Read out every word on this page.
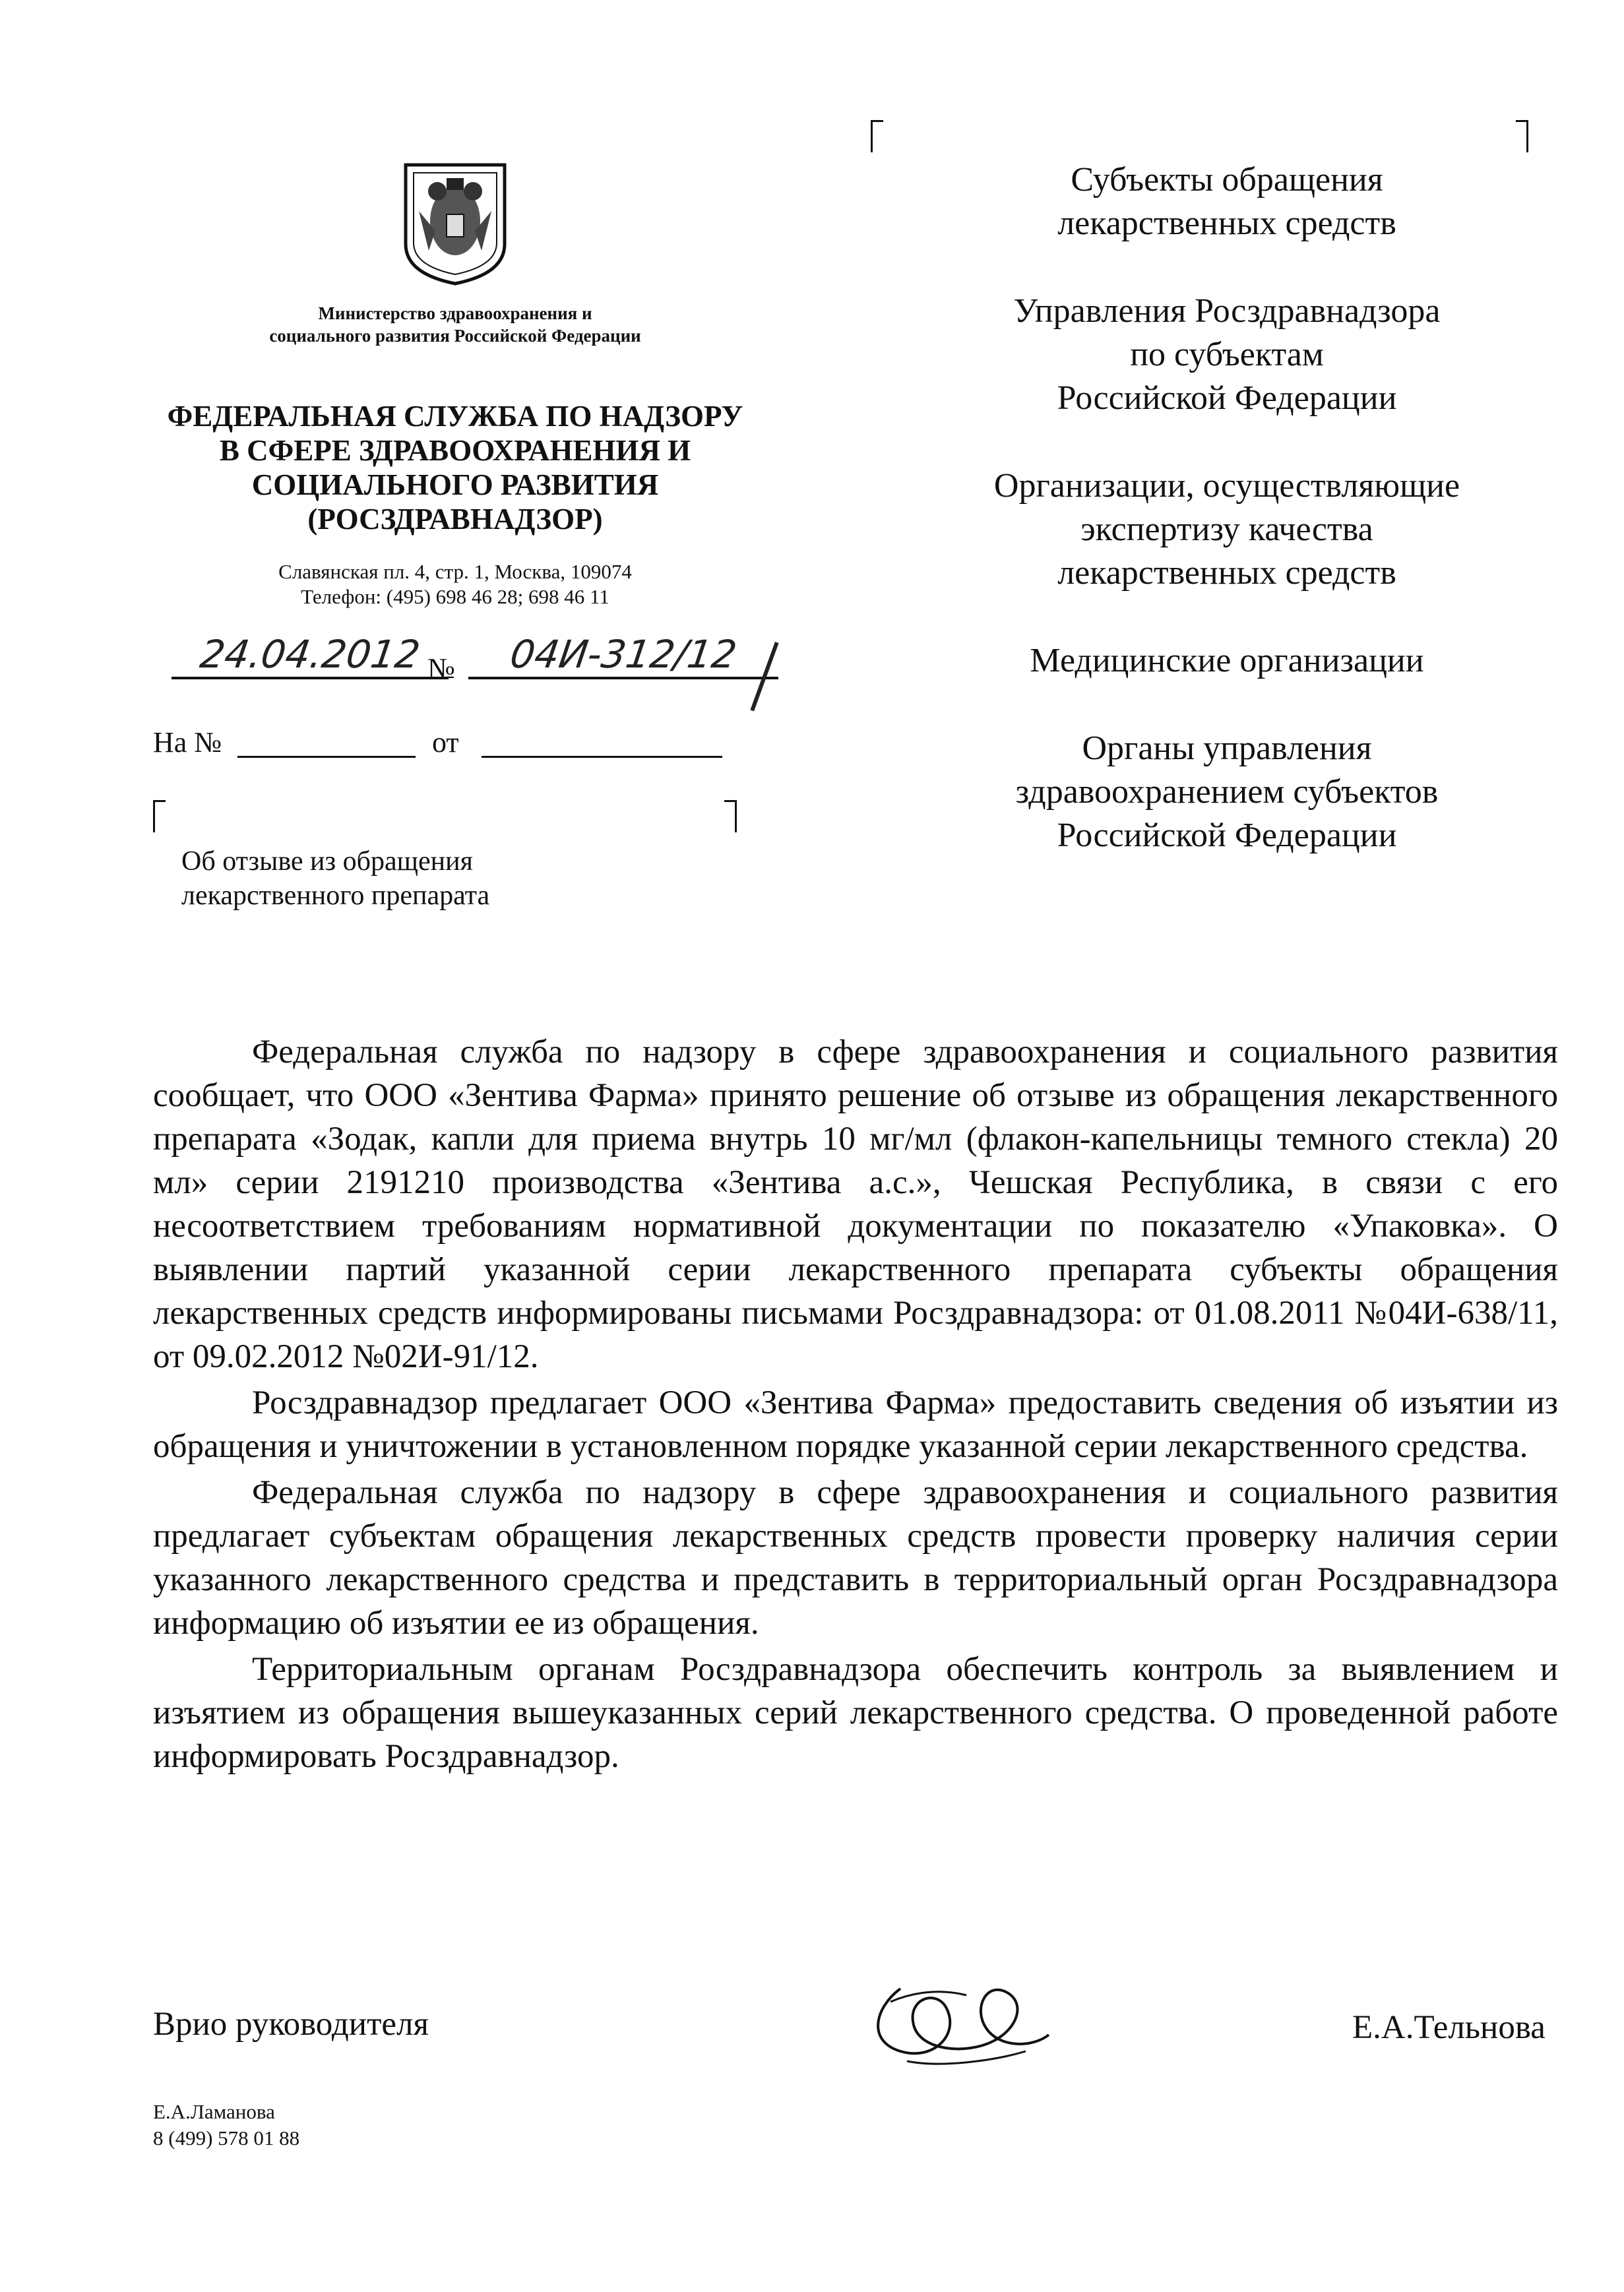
Министерство здравоохранения и
социального развития Российской Федерации
ФЕДЕРАЛЬНАЯ СЛУЖБА ПО НАДЗОРУ
В СФЕРЕ ЗДРАВООХРАНЕНИЯ И
СОЦИАЛЬНОГО РАЗВИТИЯ
(РОСЗДРАВНАДЗОР)
Славянская пл. 4, стр. 1, Москва, 109074
Телефон: (495) 698 46 28; 698 46 11
24.04.2012 №	04И-312/12
На №	от
Об отзыве из обращения
лекарственного препарата

Субъекты обращения
лекарственных средств

Управления Росздравнадзора
по субъектам
Российской Федерации

Организации, осуществляющие
экспертизу качества
лекарственных средств

Медицинские организации

Органы управления
здравоохранением субъектов
Российской Федерации

Федеральная служба по надзору в сфере здравоохранения и социального развития сообщает, что ООО «Зентива Фарма» принято решение об отзыве из обращения лекарственного препарата «Зодак, капли для приема внутрь 10 мг/мл (флакон-капельницы темного стекла) 20 мл» серии 2191210 производства «Зентива а.с.», Чешская Республика, в связи с его несоответствием требованиям нормативной документации по показателю «Упаковка». О выявлении партий указанной серии лекарственного препарата субъекты обращения лекарственных средств информированы письмами Росздравнадзора: от 01.08.2011 №04И-638/11, от 09.02.2012 №02И-91/12.

Росздравнадзор предлагает ООО «Зентива Фарма» предоставить сведения об изъятии из обращения и уничтожении в установленном порядке указанной серии лекарственного средства.

Федеральная служба по надзору в сфере здравоохранения и социального развития предлагает субъектам обращения лекарственных средств провести проверку наличия серии указанного лекарственного средства и представить в территориальный орган Росздравнадзора информацию об изъятии ее из обращения.

Территориальным органам Росздравнадзора обеспечить контроль за выявлением и изъятием из обращения вышеуказанных серий лекарственного средства. О проведенной работе информировать Росздравнадзор.

Врио руководителя	Е.А.Тельнова
Е.А.Ламанова
8 (499) 578 01 88
